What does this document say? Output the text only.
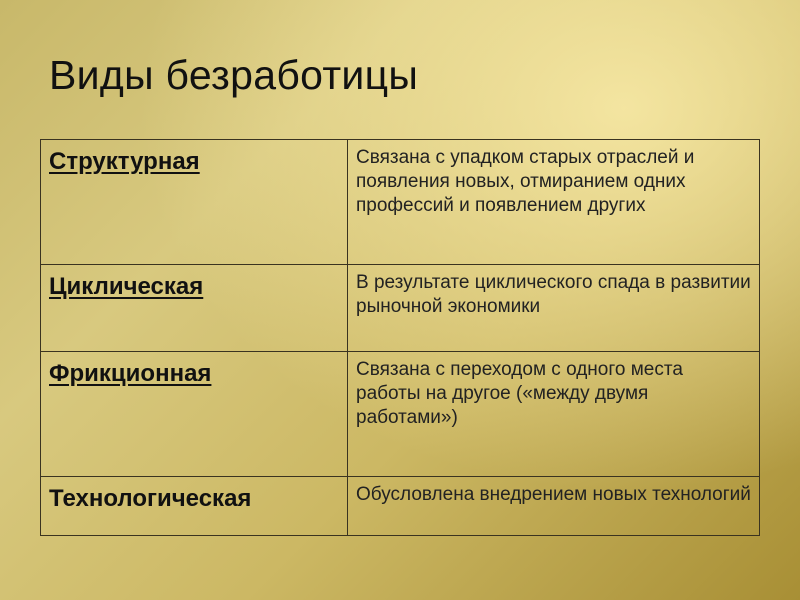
Виды безработицы
Структурная	Связана с упадком старых отраслей и появления новых, отмиранием одних профессий и появлением других
Циклическая	В результате циклического спада в развитии рыночной экономики
Фрикционная	Связана с переходом с одного места работы на другое («между двумя работами»)
Технологическая	Обусловлена внедрением новых технологий
